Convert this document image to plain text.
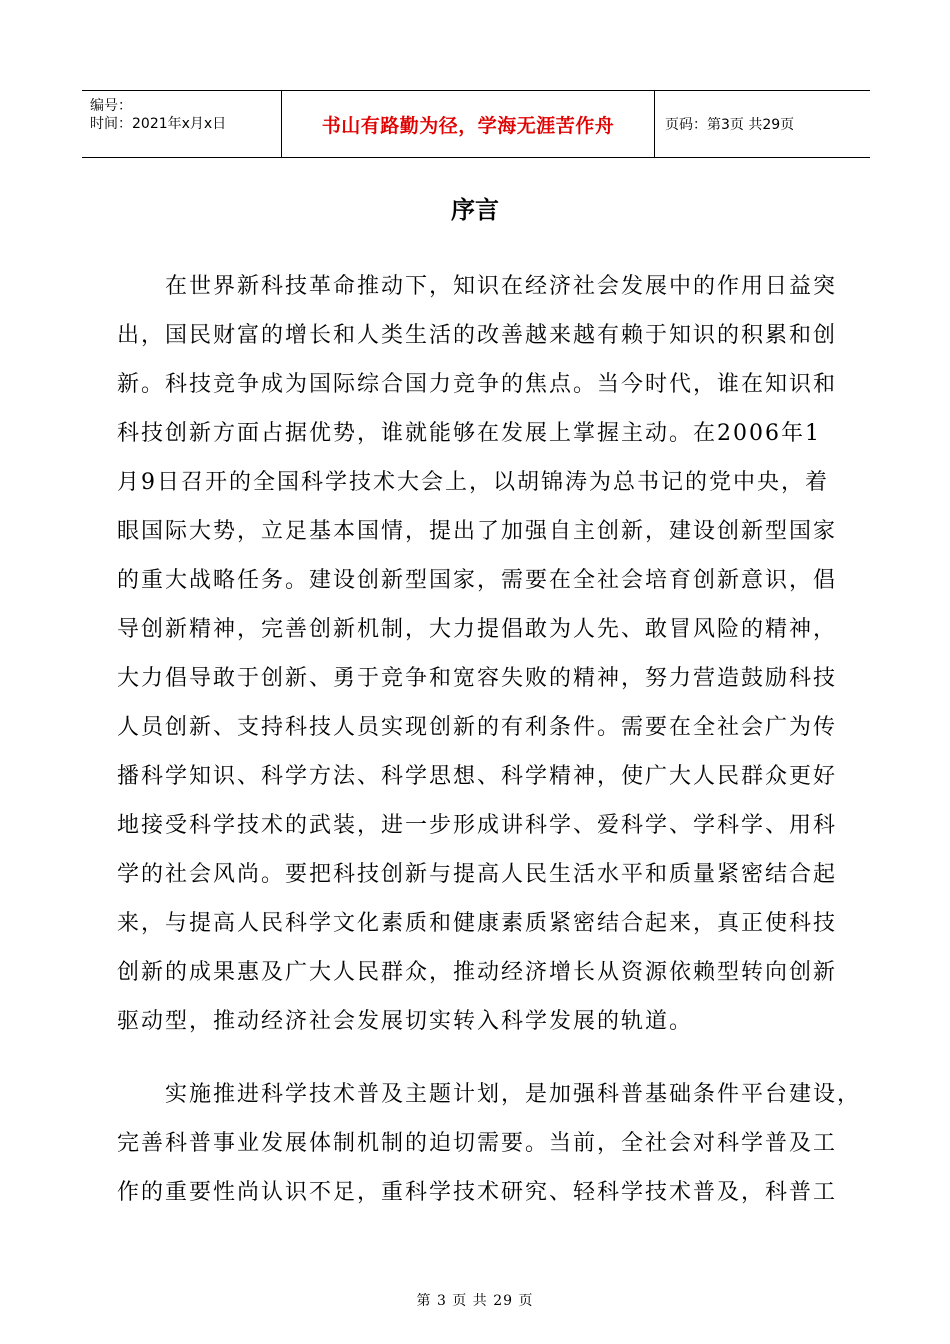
编号：
时间：2021年x月x日	书山有路勤为径，学海无涯苦作舟	页码：第3页 共29页
序言
在世界新科技革命推动下，知识在经济社会发展中的作用日益突
出，国民财富的增长和人类生活的改善越来越有赖于知识的积累和创
新。科技竞争成为国际综合国力竞争的焦点。当今时代，谁在知识和
科技创新方面占据优势，谁就能够在发展上掌握主动。在2006年1
月9日召开的全国科学技术大会上，以胡锦涛为总书记的党中央，着
眼国际大势，立足基本国情，提出了加强自主创新，建设创新型国家
的重大战略任务。建设创新型国家，需要在全社会培育创新意识，倡
导创新精神，完善创新机制，大力提倡敢为人先、敢冒风险的精神，
大力倡导敢于创新、勇于竞争和宽容失败的精神，努力营造鼓励科技
人员创新、支持科技人员实现创新的有利条件。需要在全社会广为传
播科学知识、科学方法、科学思想、科学精神，使广大人民群众更好
地接受科学技术的武装，进一步形成讲科学、爱科学、学科学、用科
学的社会风尚。要把科技创新与提高人民生活水平和质量紧密结合起
来，与提高人民科学文化素质和健康素质紧密结合起来，真正使科技
创新的成果惠及广大人民群众，推动经济增长从资源依赖型转向创新
驱动型，推动经济社会发展切实转入科学发展的轨道。
实施推进科学技术普及主题计划，是加强科普基础条件平台建设，
完善科普事业发展体制机制的迫切需要。当前，全社会对科学普及工
作的重要性尚认识不足，重科学技术研究、轻科学技术普及，科普工
第 3 页 共 29 页
